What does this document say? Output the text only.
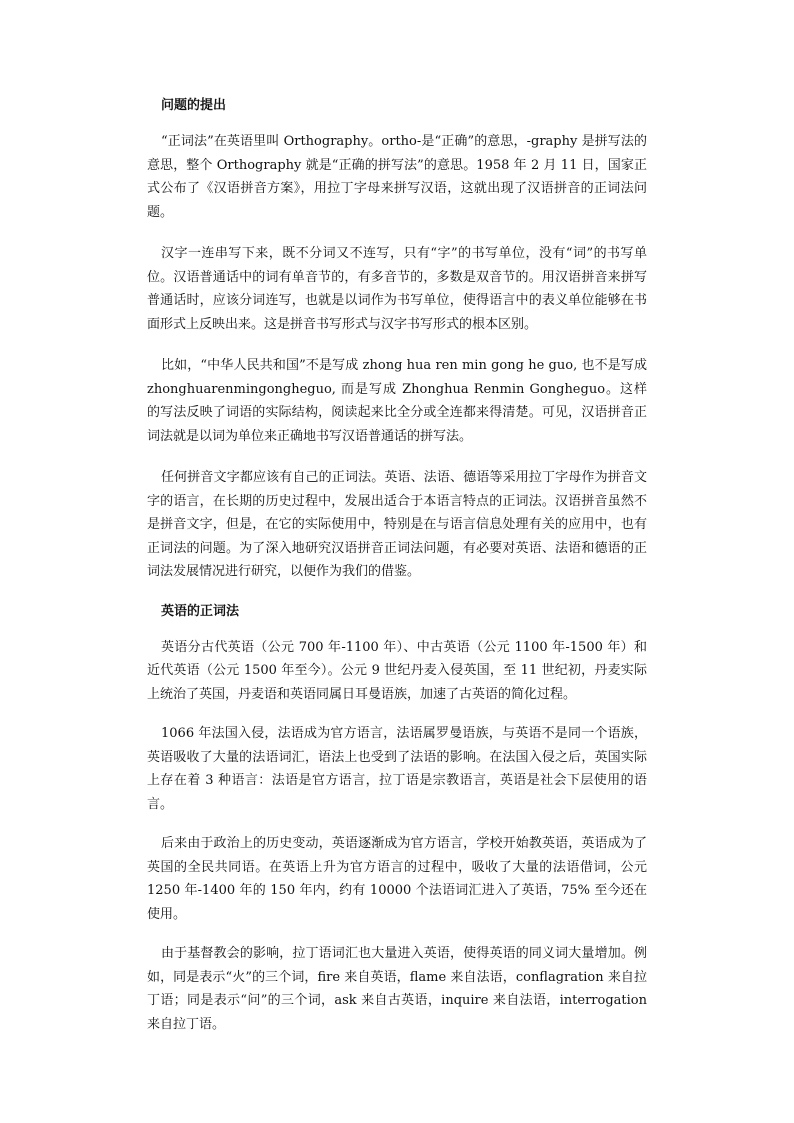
问题的提出

“正词法”在英语里叫 Orthography。ortho-是“正确”的意思，-graphy 是拼写法的意思，整个 Orthography 就是“正确的拼写法”的意思。1958 年 2 月 11 日，国家正式公布了《汉语拼音方案》，用拉丁字母来拼写汉语，这就出现了汉语拼音的正词法问题。

汉字一连串写下来，既不分词又不连写，只有“字”的书写单位，没有“词”的书写单位。汉语普通话中的词有单音节的，有多音节的，多数是双音节的。用汉语拼音来拼写普通话时，应该分词连写，也就是以词作为书写单位，使得语言中的表义单位能够在书面形式上反映出来。这是拼音书写形式与汉字书写形式的根本区别。

比如，“中华人民共和国”不是写成 zhong hua ren min gong he guo, 也不是写成 zhonghuarenmingongheguo, 而是写成 Zhonghua Renmin Gongheguo。这样的写法反映了词语的实际结构，阅读起来比全分或全连都来得清楚。可见，汉语拼音正词法就是以词为单位来正确地书写汉语普通话的拼写法。

任何拼音文字都应该有自己的正词法。英语、法语、德语等采用拉丁字母作为拼音文字的语言，在长期的历史过程中，发展出适合于本语言特点的正词法。汉语拼音虽然不是拼音文字，但是，在它的实际使用中，特别是在与语言信息处理有关的应用中，也有正词法的问题。为了深入地研究汉语拼音正词法问题，有必要对英语、法语和德语的正词法发展情况进行研究，以便作为我们的借鉴。

英语的正词法

英语分古代英语（公元 700 年-1100 年）、中古英语（公元 1100 年-1500 年）和近代英语（公元 1500 年至今）。公元 9 世纪丹麦入侵英国，至 11 世纪初，丹麦实际上统治了英国，丹麦语和英语同属日耳曼语族，加速了古英语的简化过程。

1066 年法国入侵，法语成为官方语言，法语属罗曼语族，与英语不是同一个语族，英语吸收了大量的法语词汇，语法上也受到了法语的影响。在法国入侵之后，英国实际上存在着 3 种语言：法语是官方语言，拉丁语是宗教语言，英语是社会下层使用的语言。

后来由于政治上的历史变动，英语逐渐成为官方语言，学校开始教英语，英语成为了英国的全民共同语。在英语上升为官方语言的过程中，吸收了大量的法语借词，公元 1250 年-1400 年的 150 年内，约有 10000 个法语词汇进入了英语，75% 至今还在使用。

由于基督教会的影响，拉丁语词汇也大量进入英语，使得英语的同义词大量增加。例如，同是表示“火”的三个词，fire 来自英语，flame 来自法语，conflagration 来自拉丁语；同是表示“问”的三个词，ask 来自古英语，inquire 来自法语，interrogation 来自拉丁语。
